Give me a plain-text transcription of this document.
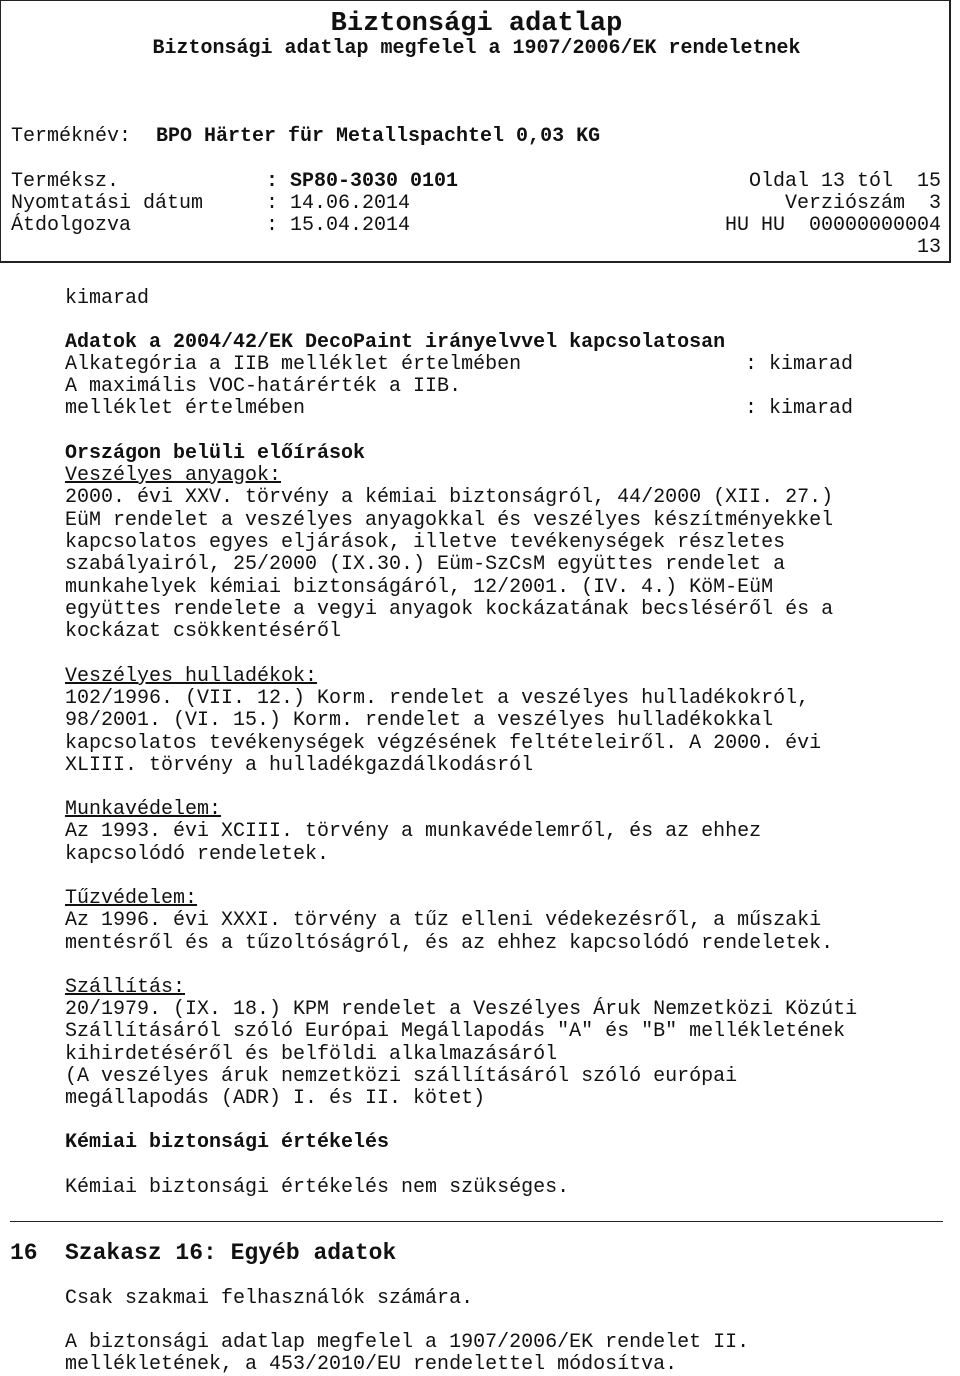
Biztonsági adatlap
Biztonsági adatlap megfelel a 1907/2006/EK rendeletnek
Terméknév: BPO Härter für Metallspachtel 0,03 KG
Terméksz.	: SP80-3030 0101	Oldal 13 tól  15
Nyomtatási dátum	: 14.06.2014	Verziószám  3
Átdolgozva	: 15.04.2014	HU HU  00000000004
13
kimarad
Adatok a 2004/42/EK DecoPaint irányelvvel kapcsolatosan
Alkategória a IIB melléklet értelmében	: kimarad
A maximális VOC-határérték a IIB.
melléklet értelmében	: kimarad
Országon belüli előírások
Veszélyes anyagok:
2000. évi XXV. törvény a kémiai biztonságról, 44/2000 (XII. 27.)
EüM rendelet a veszélyes anyagokkal és veszélyes készítményekkel
kapcsolatos egyes eljárások, illetve tevékenységek részletes
szabályairól, 25/2000 (IX.30.) Eüm-SzCsM együttes rendelet a
munkahelyek kémiai biztonságáról, 12/2001. (IV. 4.) KöM-EüM
együttes rendelete a vegyi anyagok kockázatának becsléséről és a
kockázat csökkentéséről
Veszélyes hulladékok:
102/1996. (VII. 12.) Korm. rendelet a veszélyes hulladékokról,
98/2001. (VI. 15.) Korm. rendelet a veszélyes hulladékokkal
kapcsolatos tevékenységek végzésének feltételeiről. A 2000. évi
XLIII. törvény a hulladékgazdálkodásról
Munkavédelem:
Az 1993. évi XCIII. törvény a munkavédelemről, és az ehhez
kapcsolódó rendeletek.
Tűzvédelem:
Az 1996. évi XXXI. törvény a tűz elleni védekezésről, a műszaki
mentésről és a tűzoltóságról, és az ehhez kapcsolódó rendeletek.
Szállítás:
20/1979. (IX. 18.) KPM rendelet a Veszélyes Áruk Nemzetközi Közúti
Szállításáról szóló Európai Megállapodás "A" és "B" mellékletének
kihirdetéséről és belföldi alkalmazásáról
(A veszélyes áruk nemzetközi szállításáról szóló európai
megállapodás (ADR) I. és II. kötet)
Kémiai biztonsági értékelés
Kémiai biztonsági értékelés nem szükséges.
16 Szakasz 16: Egyéb adatok
Csak szakmai felhasználók számára.
A biztonsági adatlap megfelel a 1907/2006/EK rendelet II.
mellékletének, a 453/2010/EU rendelettel módosítva.
